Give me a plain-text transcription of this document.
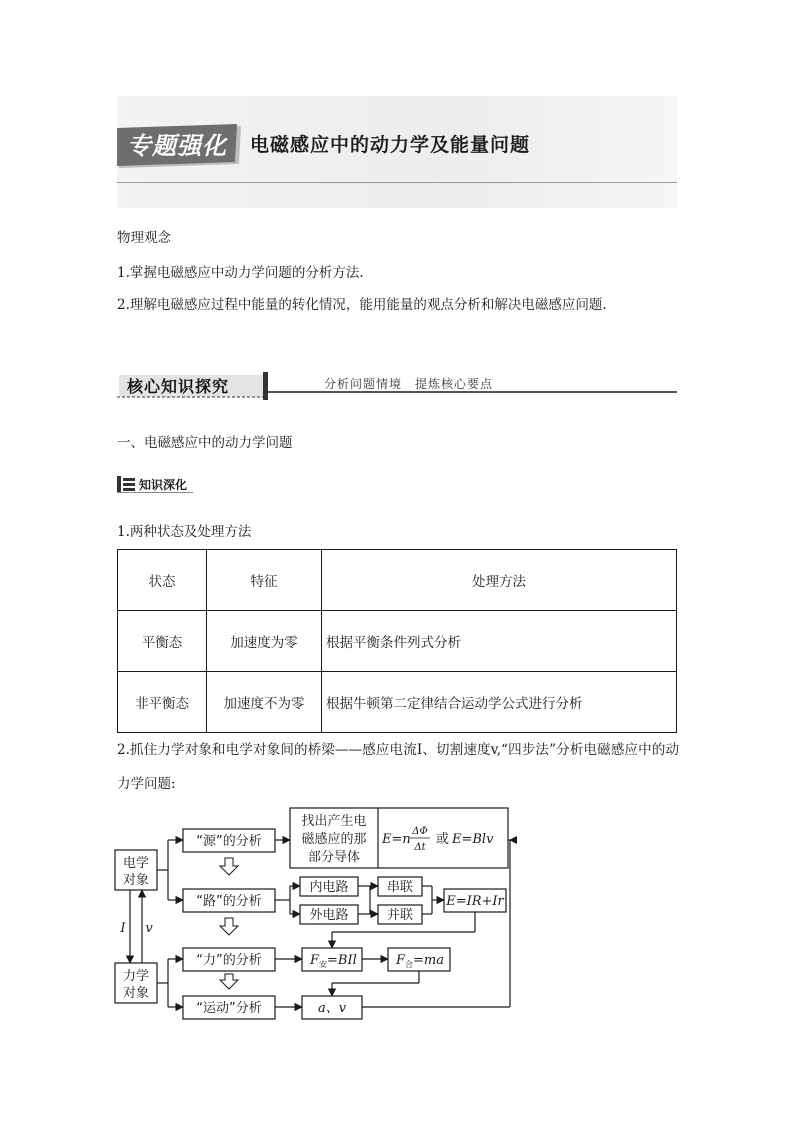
专题强化 电磁感应中的动力学及能量问题
物理观念
1.掌握电磁感应中动力学问题的分析方法.
2.理解电磁感应过程中能量的转化情况，能用能量的观点分析和解决电磁感应问题.
核心知识探究	分析问题情境　提炼核心要点
一、电磁感应中的动力学问题
知识深化
1.两种状态及处理方法
状态	特征	处理方法
平衡态	加速度为零	根据平衡条件列式分析
非平衡态	加速度不为零	根据牛顿第二定律结合运动学公式进行分析
2.抓住力学对象和电学对象间的桥梁——感应电流I、切割速度v,“四步法”分析电磁感应中的动力学问题:
电学
对象
力学
对象
I v
“源”的分析
“路”的分析
“力”的分析
“运动”分析
找出产生电
磁感应的那
部分导体
E=n
ΔΦ
Δt
或 E=Blv
内电路
外电路
串联
并联
E=IR+Ir
$F_安=BIl$	$F_合=ma$
a、v
